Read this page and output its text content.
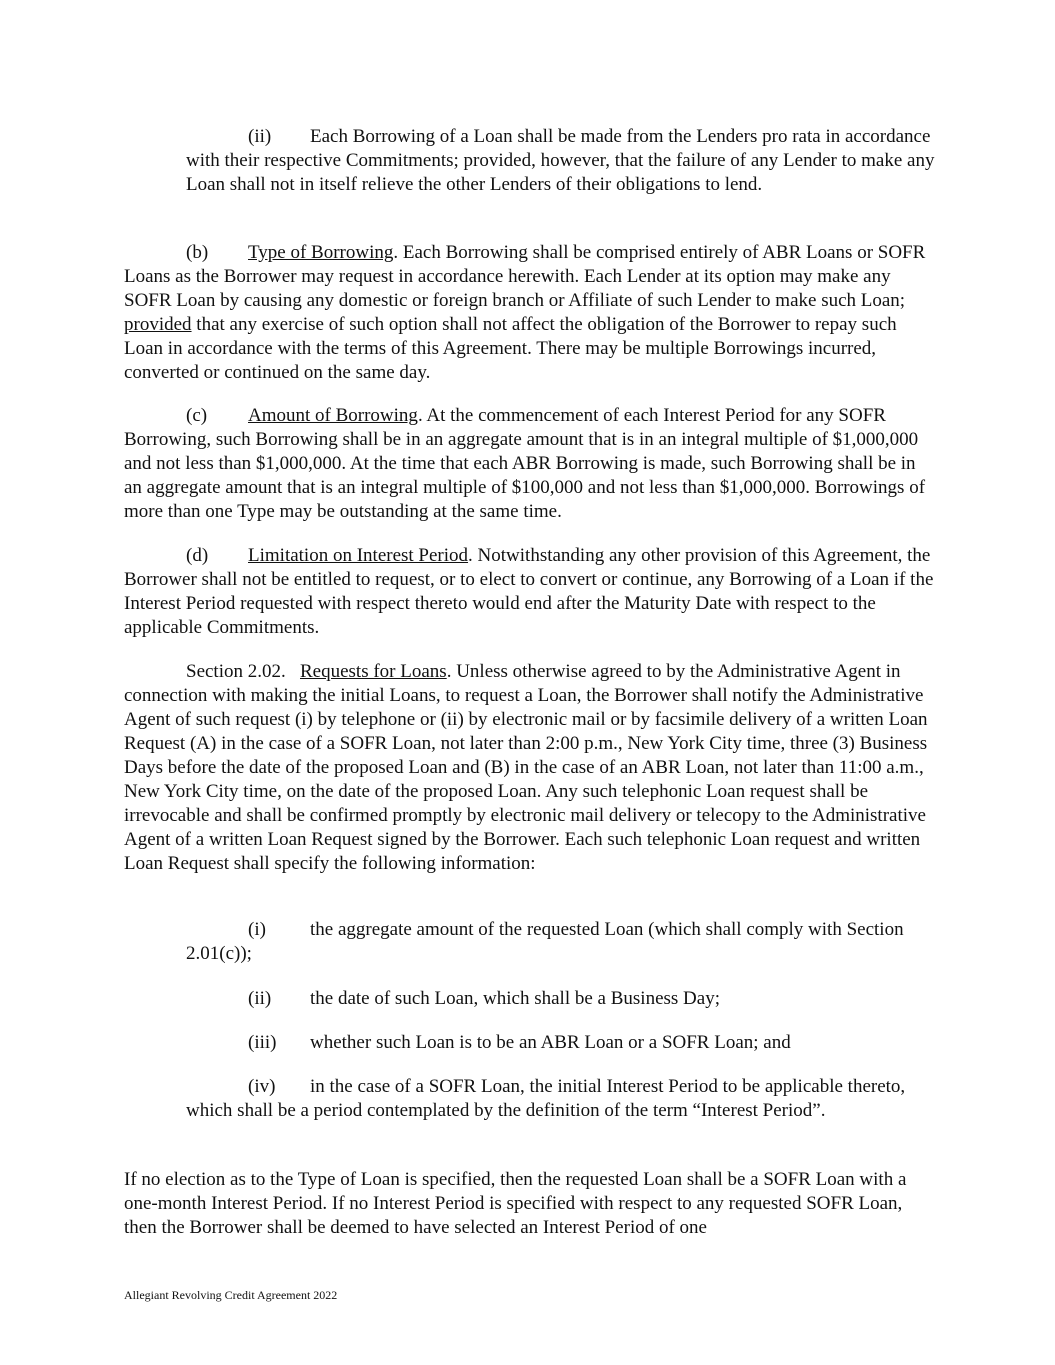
(ii) Each Borrowing of a Loan shall be made from the Lenders pro rata in accordance with their respective Commitments; provided, however, that the failure of any Lender to make any Loan shall not in itself relieve the other Lenders of their obligations to lend.

(b) Type of Borrowing. Each Borrowing shall be comprised entirely of ABR Loans or SOFR Loans as the Borrower may request in accordance herewith. Each Lender at its option may make any SOFR Loan by causing any domestic or foreign branch or Affiliate of such Lender to make such Loan; provided that any exercise of such option shall not affect the obligation of the Borrower to repay such Loan in accordance with the terms of this Agreement. There may be multiple Borrowings incurred, converted or continued on the same day.

(c) Amount of Borrowing. At the commencement of each Interest Period for any SOFR Borrowing, such Borrowing shall be in an aggregate amount that is in an integral multiple of $1,000,000 and not less than $1,000,000. At the time that each ABR Borrowing is made, such Borrowing shall be in an aggregate amount that is an integral multiple of $100,000 and not less than $1,000,000. Borrowings of more than one Type may be outstanding at the same time.

(d) Limitation on Interest Period. Notwithstanding any other provision of this Agreement, the Borrower shall not be entitled to request, or to elect to convert or continue, any Borrowing of a Loan if the Interest Period requested with respect thereto would end after the Maturity Date with respect to the applicable Commitments.

Section 2.02. Requests for Loans. Unless otherwise agreed to by the Administrative Agent in connection with making the initial Loans, to request a Loan, the Borrower shall notify the Administrative Agent of such request (i) by telephone or (ii) by electronic mail or by facsimile delivery of a written Loan Request (A) in the case of a SOFR Loan, not later than 2:00 p.m., New York City time, three (3) Business Days before the date of the proposed Loan and (B) in the case of an ABR Loan, not later than 11:00 a.m., New York City time, on the date of the proposed Loan. Any such telephonic Loan request shall be irrevocable and shall be confirmed promptly by electronic mail delivery or telecopy to the Administrative Agent of a written Loan Request signed by the Borrower. Each such telephonic Loan request and written Loan Request shall specify the following information:

(i) the aggregate amount of the requested Loan (which shall comply with Section 2.01(c));

(ii) the date of such Loan, which shall be a Business Day;

(iii) whether such Loan is to be an ABR Loan or a SOFR Loan; and

(iv) in the case of a SOFR Loan, the initial Interest Period to be applicable thereto, which shall be a period contemplated by the definition of the term “Interest Period”.

If no election as to the Type of Loan is specified, then the requested Loan shall be a SOFR Loan with a one-month Interest Period. If no Interest Period is specified with respect to any requested SOFR Loan, then the Borrower shall be deemed to have selected an Interest Period of one

Allegiant Revolving Credit Agreement 2022
